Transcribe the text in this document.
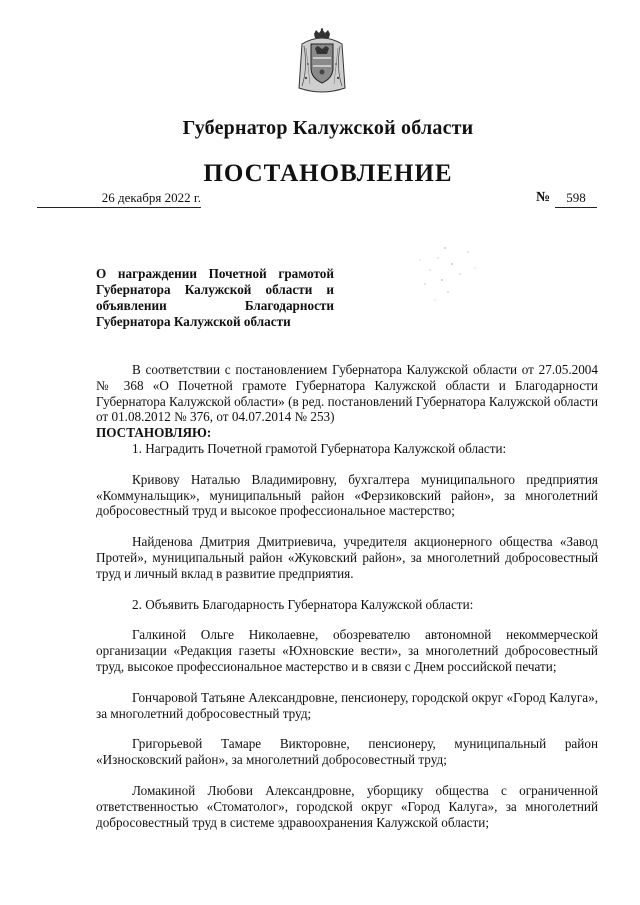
Губернатор Калужской области
ПОСТАНОВЛЕНИЕ
26 декабря 2022 г.	№	598
О награждении Почетной грамотой Губернатора Калужской области и объявлении Благодарности Губернатора Калужской области

В соответствии с постановлением Губернатора Калужской области от 27.05.2004 № 368 «О Почетной грамоте Губернатора Калужской области и Благодарности Губернатора Калужской области» (в ред. постановлений Губернатора Калужской области от 01.08.2012 № 376, от 04.07.2014 № 253)

ПОСТАНОВЛЯЮ:

1. Наградить Почетной грамотой Губернатора Калужской области:

Кривову Наталью Владимировну, бухгалтера муниципального предприятия «Коммунальщик», муниципальный район «Ферзиковский район», за многолетний добросовестный труд и высокое профессиональное мастерство;

Найденова Дмитрия Дмитриевича, учредителя акционерного общества «Завод Протей», муниципальный район «Жуковский район», за многолетний добросовестный труд и личный вклад в развитие предприятия.

2. Объявить Благодарность Губернатора Калужской области:

Галкиной Ольге Николаевне, обозревателю автономной некоммерческой организации «Редакция газеты «Юхновские вести», за многолетний добросовестный труд, высокое профессиональное мастерство и в связи с Днем российской печати;

Гончаровой Татьяне Александровне, пенсионеру, городской округ «Город Калуга», за многолетний добросовестный труд;

Григорьевой Тамаре Викторовне, пенсионеру, муниципальный район «Износковский район», за многолетний добросовестный труд;

Ломакиной Любови Александровне, уборщику общества с ограниченной ответственностью «Стоматолог», городской округ «Город Калуга», за многолетний добросовестный труд в системе здравоохранения Калужской области;
